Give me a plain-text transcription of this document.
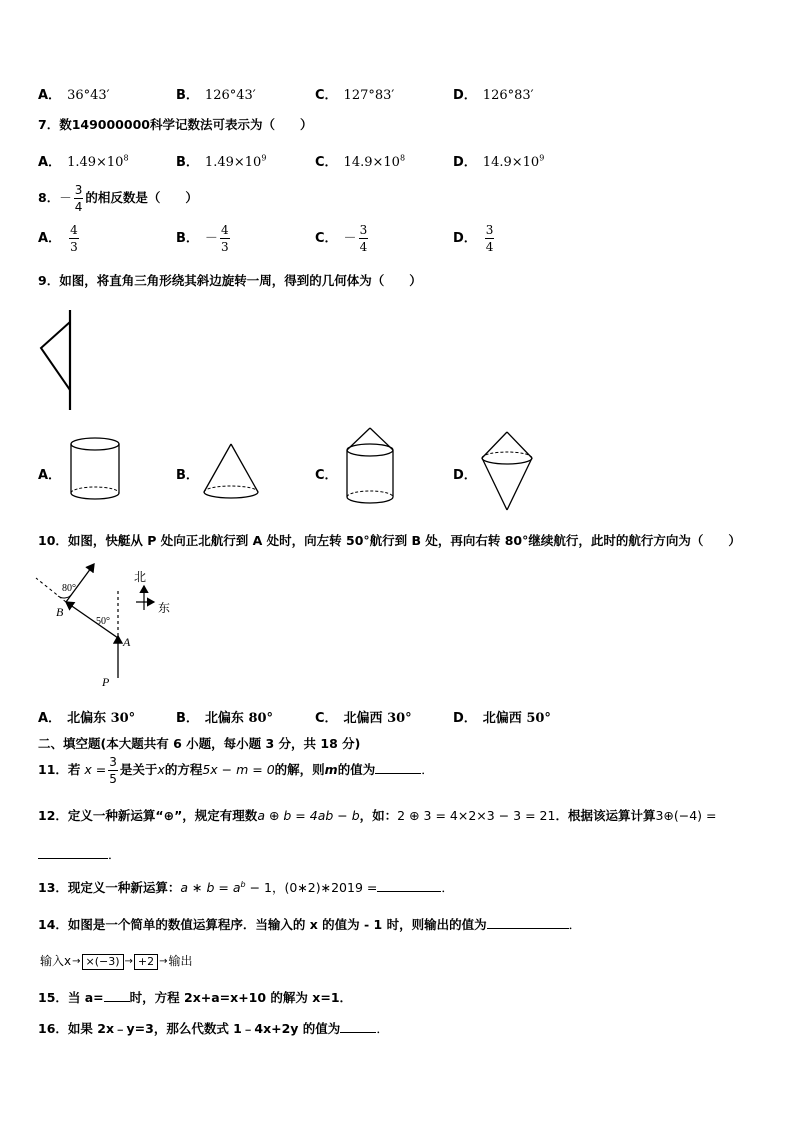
A． 36°43′	B． 126°43′	C． 127°83′	D． 126°83′
7．数149000000科学记数法可表示为（　　）
A． $1.49\times 10^8$	B． $1.49\times 10^9$	C． $14.9\times 10^8$	D． $14.9\times 10^9$
8．－ $\frac{3}{4}$ 的相反数是（　　）
A． $\frac{4}{3}$	B． － $\frac{4}{3}$	C． － $\frac{3}{4}$	D． $\frac{3}{4}$
9．如图，将直角三角形绕其斜边旋转一周，得到的几何体为（　　）
A．	B．	C．	D．
10．如图，快艇从 P 处向正北航行到 A 处时，向左转 50°航行到 B 处，再向右转 80°继续航行，此时的航行方向为（　　）
80°
50°
B
A
P
北
东
A． 北偏东 30°	B． 北偏东 80°	C． 北偏西 30°	D． 北偏西 50°
二、填空题(本大题共有 6 小题，每小题 3 分，共 18 分)
11．若 $x = \frac{3}{5}$ 是关于x的方程5x − m = 0的解，则m的值为	．
12．定义一种新运算“⊕”，规定有理数a ⊕ b = 4ab − b，如：2 ⊕ 3 = 4×2×3 − 3 = 21．根据该运算计算3⊕(−4) =
．
13．现定义一种新运算：a ∗ $b = a^b - 1$，(0∗2)∗2019 =	．
14．如图是一个简单的数值运算程序．当输入的 x 的值为 - 1 时，则输出的值为	．
输入x→ ×(−3) → +2 →输出
15．当 a= 时，方程 2x+a=x+10 的解为 x=1．
16．如果 2x﹣y=3，那么代数式 1﹣4x+2y 的值为	．
